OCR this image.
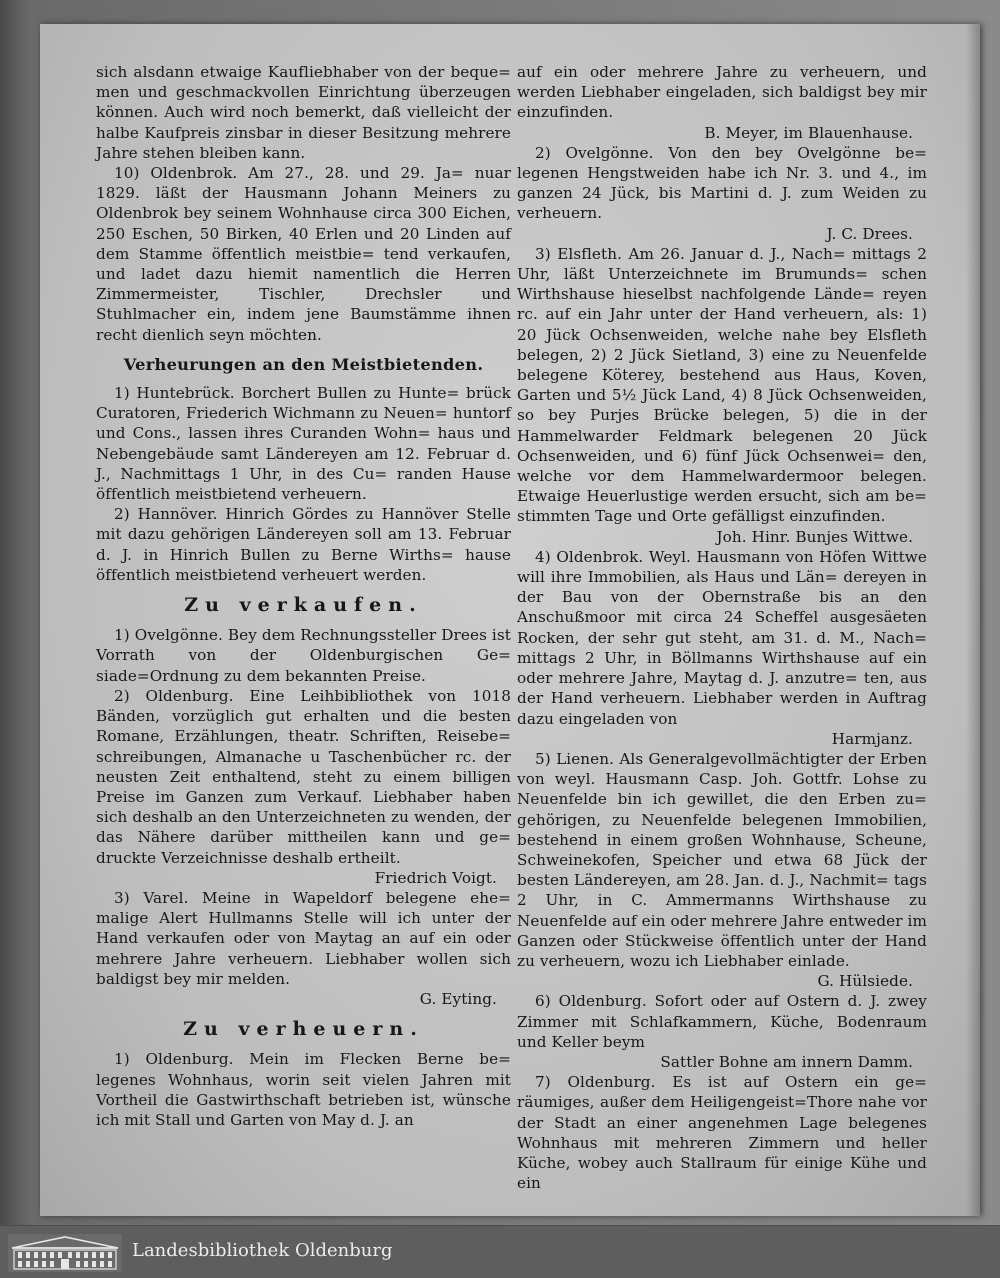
sich alsdann etwaige Kaufliebhaber von der beque= men und geschmackvollen Einrichtung überzeugen können. Auch wird noch bemerkt, daß vielleicht der halbe Kaufpreis zinsbar in dieser Besitzung mehrere Jahre stehen bleiben kann.

10) Oldenbrok. Am 27., 28. und 29. Ja= nuar 1829. läßt der Hausmann Johann Meiners zu Oldenbrok bey seinem Wohnhause circa 300 Eichen, 250 Eschen, 50 Birken, 40 Erlen und 20 Linden auf dem Stamme öffentlich meistbie= tend verkaufen, und ladet dazu hiemit namentlich die Herren Zimmermeister, Tischler, Drechsler und Stuhlmacher ein, indem jene Baumstämme ihnen recht dienlich seyn möchten.

Verheurungen an den Meistbietenden.

1) Huntebrück. Borchert Bullen zu Hunte= brück Curatoren, Friederich Wichmann zu Neuen= huntorf und Cons., lassen ihres Curanden Wohn= haus und Nebengebäude samt Ländereyen am 12. Februar d. J., Nachmittags 1 Uhr, in des Cu= randen Hause öffentlich meistbietend verheuern.

2) Hannöver. Hinrich Gördes zu Hannöver Stelle mit dazu gehörigen Ländereyen soll am 13. Februar d. J. in Hinrich Bullen zu Berne Wirths= hause öffentlich meistbietend verheuert werden.

Zu verkaufen.

1) Ovelgönne. Bey dem Rechnungssteller Drees ist Vorrath von der Oldenburgischen Ge= siade=Ordnung zu dem bekannten Preise.

2) Oldenburg. Eine Leihbibliothek von 1018 Bänden, vorzüglich gut erhalten und die besten Romane, Erzählungen, theatr. Schriften, Reisebe= schreibungen, Almanache u Taschenbücher rc. der neusten Zeit enthaltend, steht zu einem billigen Preise im Ganzen zum Verkauf. Liebhaber haben sich deshalb an den Unterzeichneten zu wenden, der das Nähere darüber mittheilen kann und ge= druckte Verzeichnisse deshalb ertheilt.

Friedrich Voigt.

3) Varel. Meine in Wapeldorf belegene ehe= malige Alert Hullmanns Stelle will ich unter der Hand verkaufen oder von Maytag an auf ein oder mehrere Jahre verheuern. Liebhaber wollen sich baldigst bey mir melden.

G. Eyting.

Zu verheuern.

1) Oldenburg. Mein im Flecken Berne be= legenes Wohnhaus, worin seit vielen Jahren mit Vortheil die Gastwirthschaft betrieben ist, wünsche ich mit Stall und Garten von May d. J. an

auf ein oder mehrere Jahre zu verheuern, und werden Liebhaber eingeladen, sich baldigst bey mir einzufinden.

B. Meyer, im Blauenhause.

2) Ovelgönne. Von den bey Ovelgönne be= legenen Hengstweiden habe ich Nr. 3. und 4., im ganzen 24 Jück, bis Martini d. J. zum Weiden zu verheuern.

J. C. Drees.

3) Elsfleth. Am 26. Januar d. J., Nach= mittags 2 Uhr, läßt Unterzeichnete im Brumunds= schen Wirthshause hieselbst nachfolgende Lände= reyen rc. auf ein Jahr unter der Hand verheuern, als: 1) 20 Jück Ochsenweiden, welche nahe bey Elsfleth belegen, 2) 2 Jück Sietland, 3) eine zu Neuenfelde belegene Köterey, bestehend aus Haus, Koven, Garten und 5½ Jück Land, 4) 8 Jück Ochsenweiden, so bey Purjes Brücke belegen, 5) die in der Hammelwarder Feldmark belegenen 20 Jück Ochsenweiden, und 6) fünf Jück Ochsenwei= den, welche vor dem Hammelwardermoor belegen. Etwaige Heuerlustige werden ersucht, sich am be= stimmten Tage und Orte gefälligst einzufinden.

Joh. Hinr. Bunjes Wittwe.

4) Oldenbrok. Weyl. Hausmann von Höfen Wittwe will ihre Immobilien, als Haus und Län= dereyen in der Bau von der Obernstraße bis an den Anschußmoor mit circa 24 Scheffel ausgesäeten Rocken, der sehr gut steht, am 31. d. M., Nach= mittags 2 Uhr, in Böllmanns Wirthshause auf ein oder mehrere Jahre, Maytag d. J. anzutre= ten, aus der Hand verheuern. Liebhaber werden in Auftrag dazu eingeladen von

Harmjanz.

5) Lienen. Als Generalgevollmächtigter der Erben von weyl. Hausmann Casp. Joh. Gottfr. Lohse zu Neuenfelde bin ich gewillet, die den Erben zu= gehörigen, zu Neuenfelde belegenen Immobilien, bestehend in einem großen Wohnhause, Scheune, Schweinekofen, Speicher und etwa 68 Jück der besten Ländereyen, am 28. Jan. d. J., Nachmit= tags 2 Uhr, in C. Ammermanns Wirthshause zu Neuenfelde auf ein oder mehrere Jahre entweder im Ganzen oder Stückweise öffentlich unter der Hand zu verheuern, wozu ich Liebhaber einlade.

G. Hülsiede.

6) Oldenburg. Sofort oder auf Ostern d. J. zwey Zimmer mit Schlafkammern, Küche, Bodenraum und Keller beym

Sattler Bohne am innern Damm.

7) Oldenburg. Es ist auf Ostern ein ge= räumiges, außer dem Heiligengeist=Thore nahe vor der Stadt an einer angenehmen Lage belegenes Wohnhaus mit mehreren Zimmern und heller Küche, wobey auch Stallraum für einige Kühe und ein

Landesbibliothek Oldenburg
